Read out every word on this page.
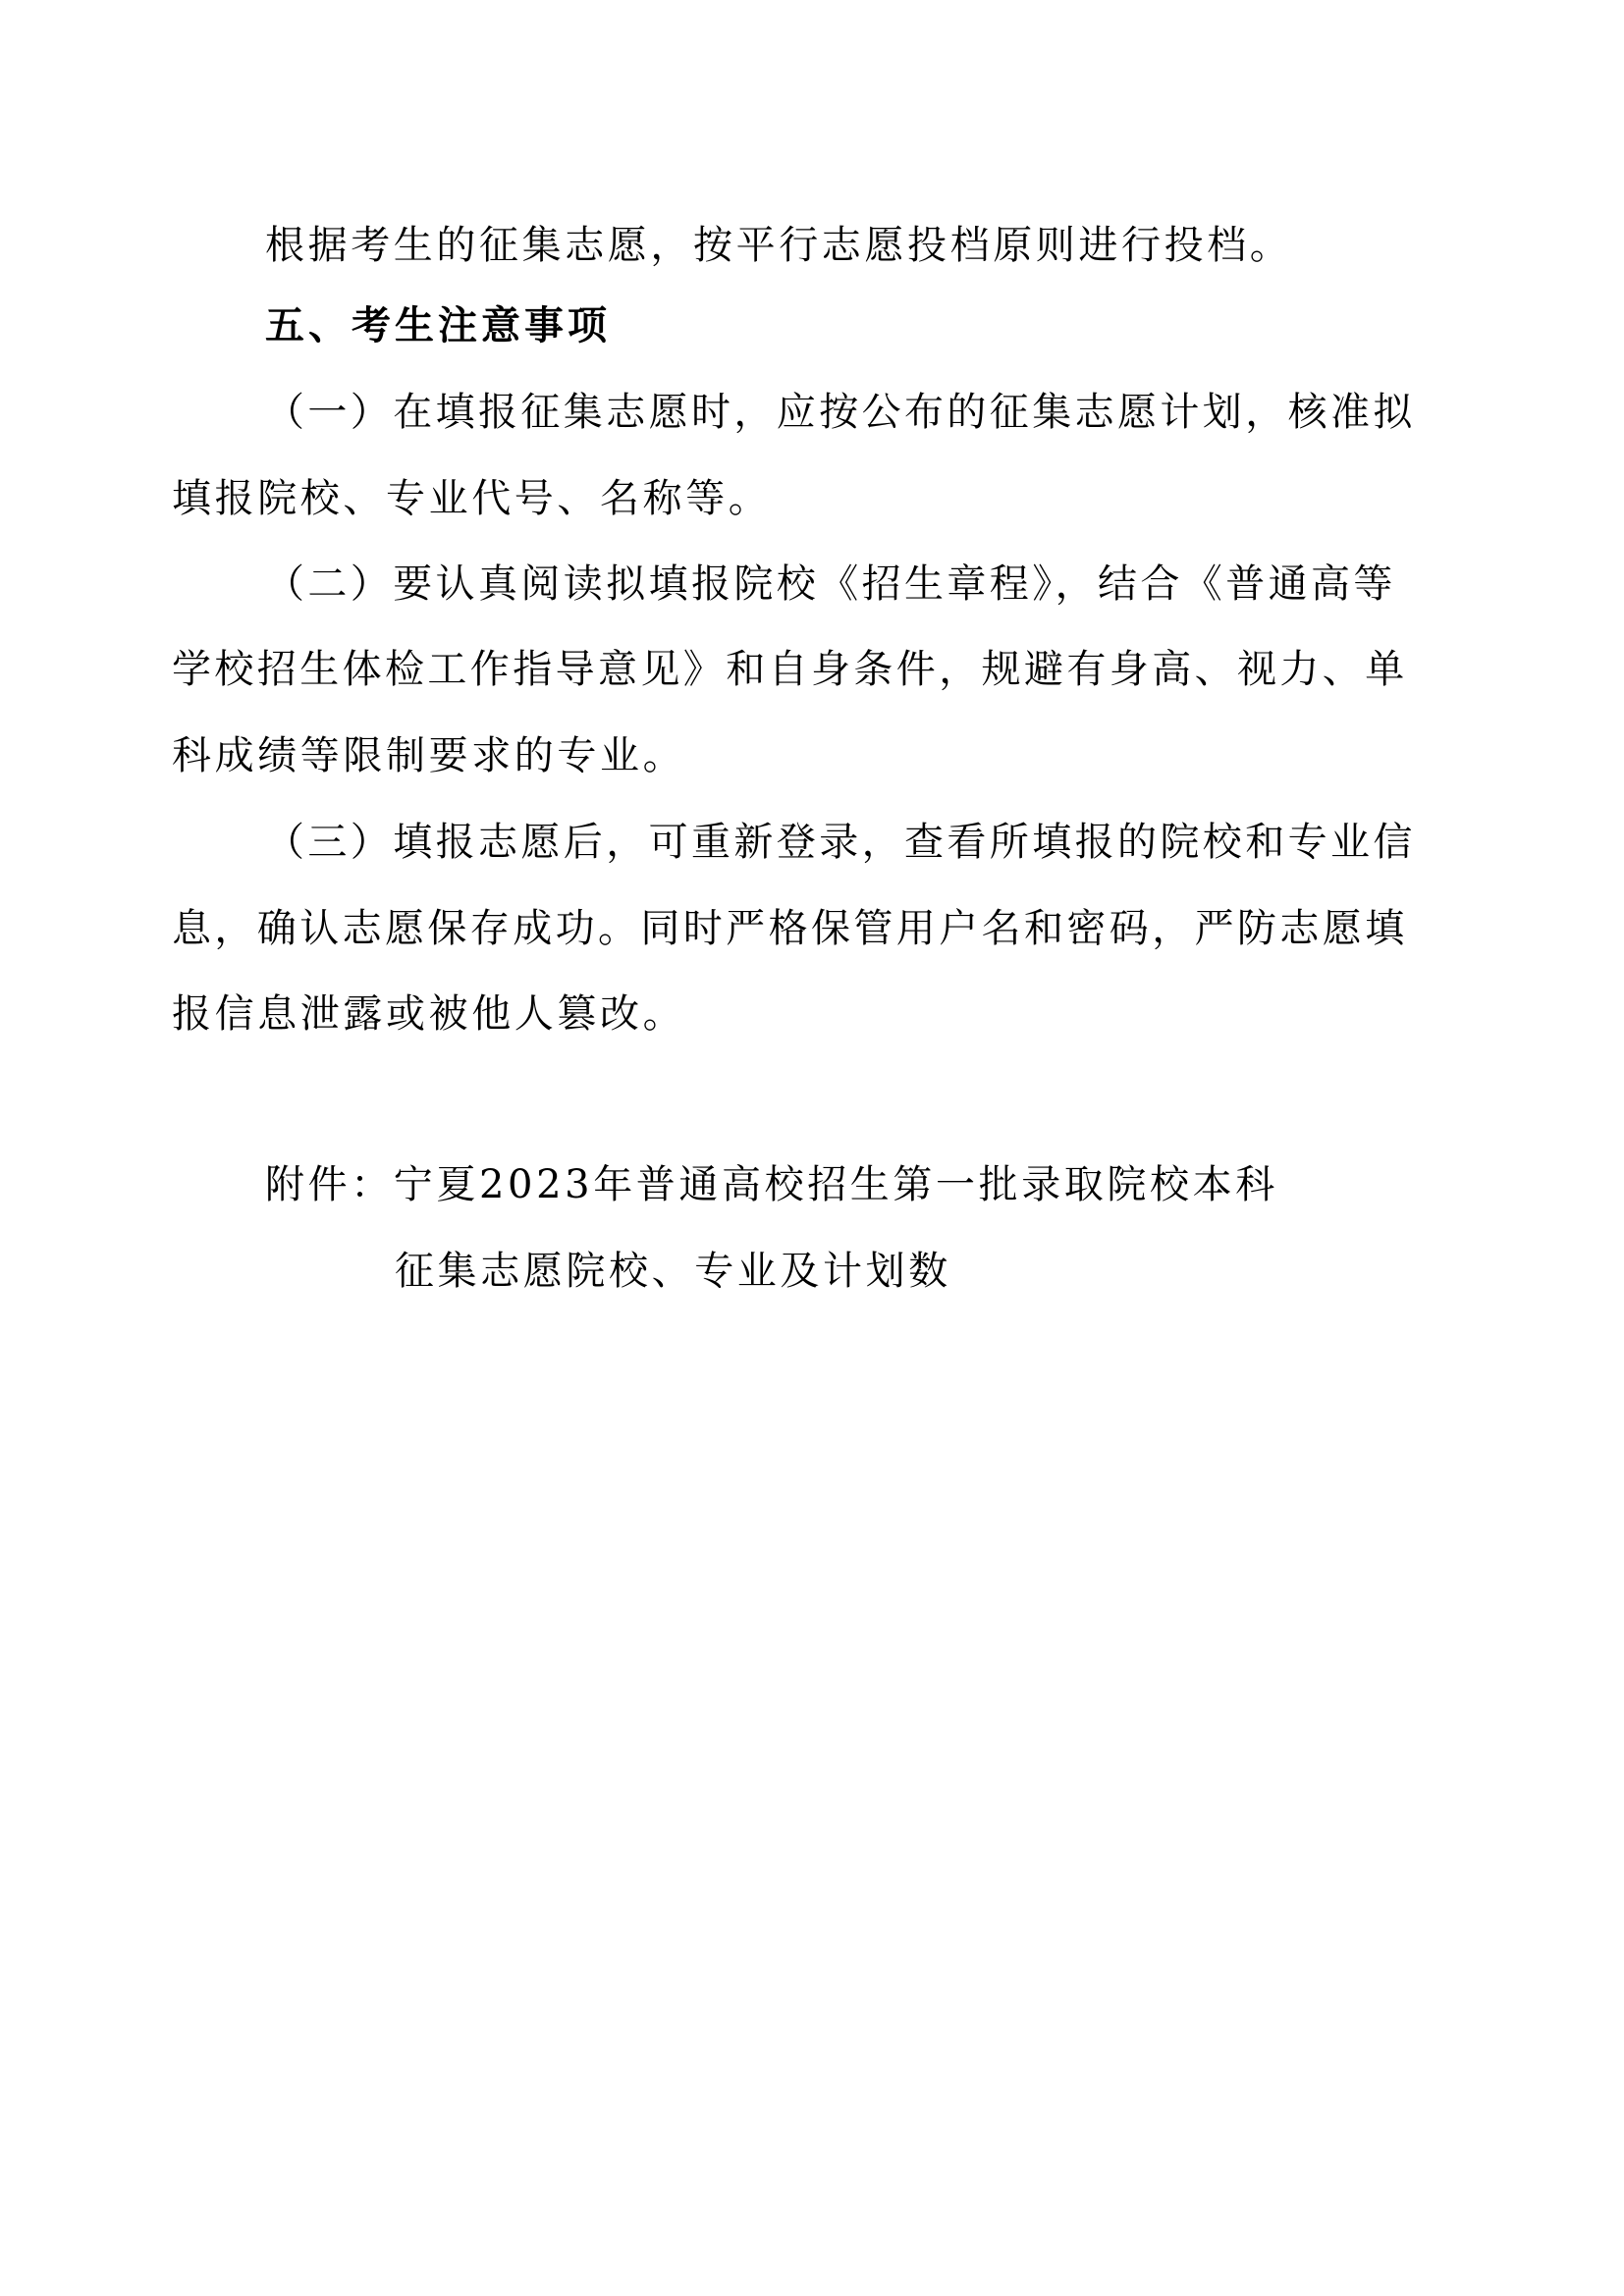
根据考生的征集志愿，按平行志愿投档原则进行投档。
五、考生注意事项
（一）在填报征集志愿时，应按公布的征集志愿计划，核准拟
填报院校、专业代号、名称等。
（二）要认真阅读拟填报院校《招生章程》，结合《普通高等
学校招生体检工作指导意见》和自身条件，规避有身高、视力、单
科成绩等限制要求的专业。
（三）填报志愿后，可重新登录，查看所填报的院校和专业信
息，确认志愿保存成功。同时严格保管用户名和密码，严防志愿填
报信息泄露或被他人篡改。
附件：宁夏2023年普通高校招生第一批录取院校本科
征集志愿院校、专业及计划数
